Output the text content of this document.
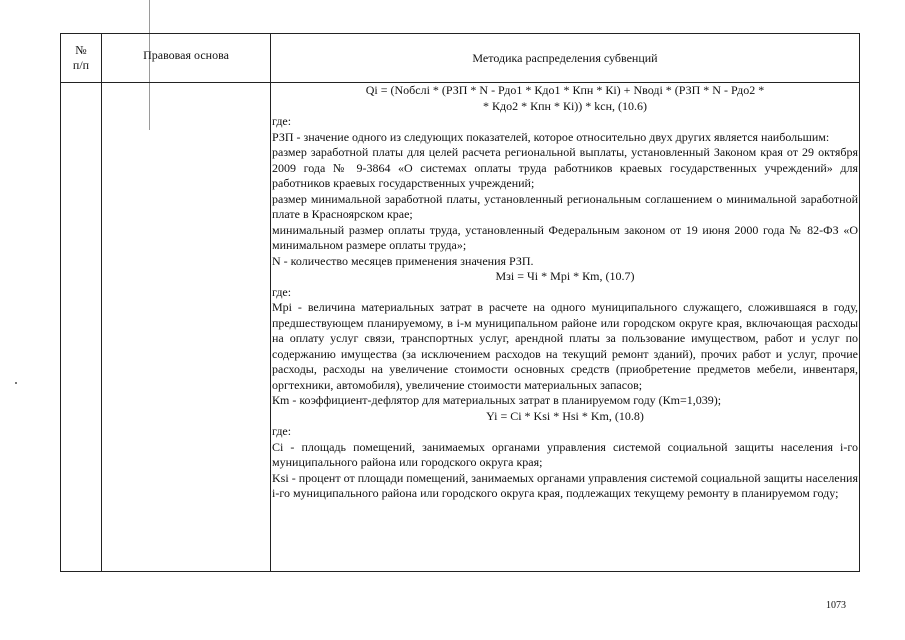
№
п/п
Правовая основа	Методика распределения субвенций

Qi = (Nобслi * (РЗП * N - Рдо1 * Кдо1 * Кпн * Кi) + Nводi * (РЗП * N - Рдо2 *

* Кдо2 * Кпн * Кi)) * kсн, (10.6)

где:

РЗП - значение одного из следующих показателей, которое относительно двух других является наибольшим:

размер заработной платы для целей расчета региональной выплаты, установленный Законом края от 29 октября 2009 года № 9-3864 «О системах оплаты труда работников краевых государственных учреждений» для работников краевых государственных учреждений;

размер минимальной заработной платы, установленный региональным соглашением о минимальной заработной плате в Красноярском крае;

минимальный размер оплаты труда, установленный Федеральным законом от 19 июня 2000 года № 82-ФЗ «О минимальном размере оплаты труда»;

N - количество месяцев применения значения РЗП.

Мзi = Чi * Мрi * Кm, (10.7)

где:

Мрi - величина материальных затрат в расчете на одного муниципального служащего, сложившаяся в году, предшествующем планируемому, в i-м муниципальном районе или городском округе края, включающая расходы на оплату услуг связи, транспортных услуг, арендной платы за пользование имуществом, работ и услуг по содержанию имущества (за исключением расходов на текущий ремонт зданий), прочих работ и услуг, прочие расходы, расходы на увеличение стоимости основных средств (приобретение предметов мебели, инвентаря, оргтехники, автомобиля), увеличение стоимости материальных запасов;

Кm - коэффициент-дефлятор для материальных затрат в планируемом году (Кm=1,039);

Yi = Ci * Ksi * Hsi * Km, (10.8)

где:

Ci - площадь помещений, занимаемых органами управления системой социальной защиты населения i-го муниципального района или городского округа края;

Ksi - процент от площади помещений, занимаемых органами управления системой социальной защиты населения i-го муниципального района или городского округа края, подлежащих текущему ремонту в планируемом году;

1073
